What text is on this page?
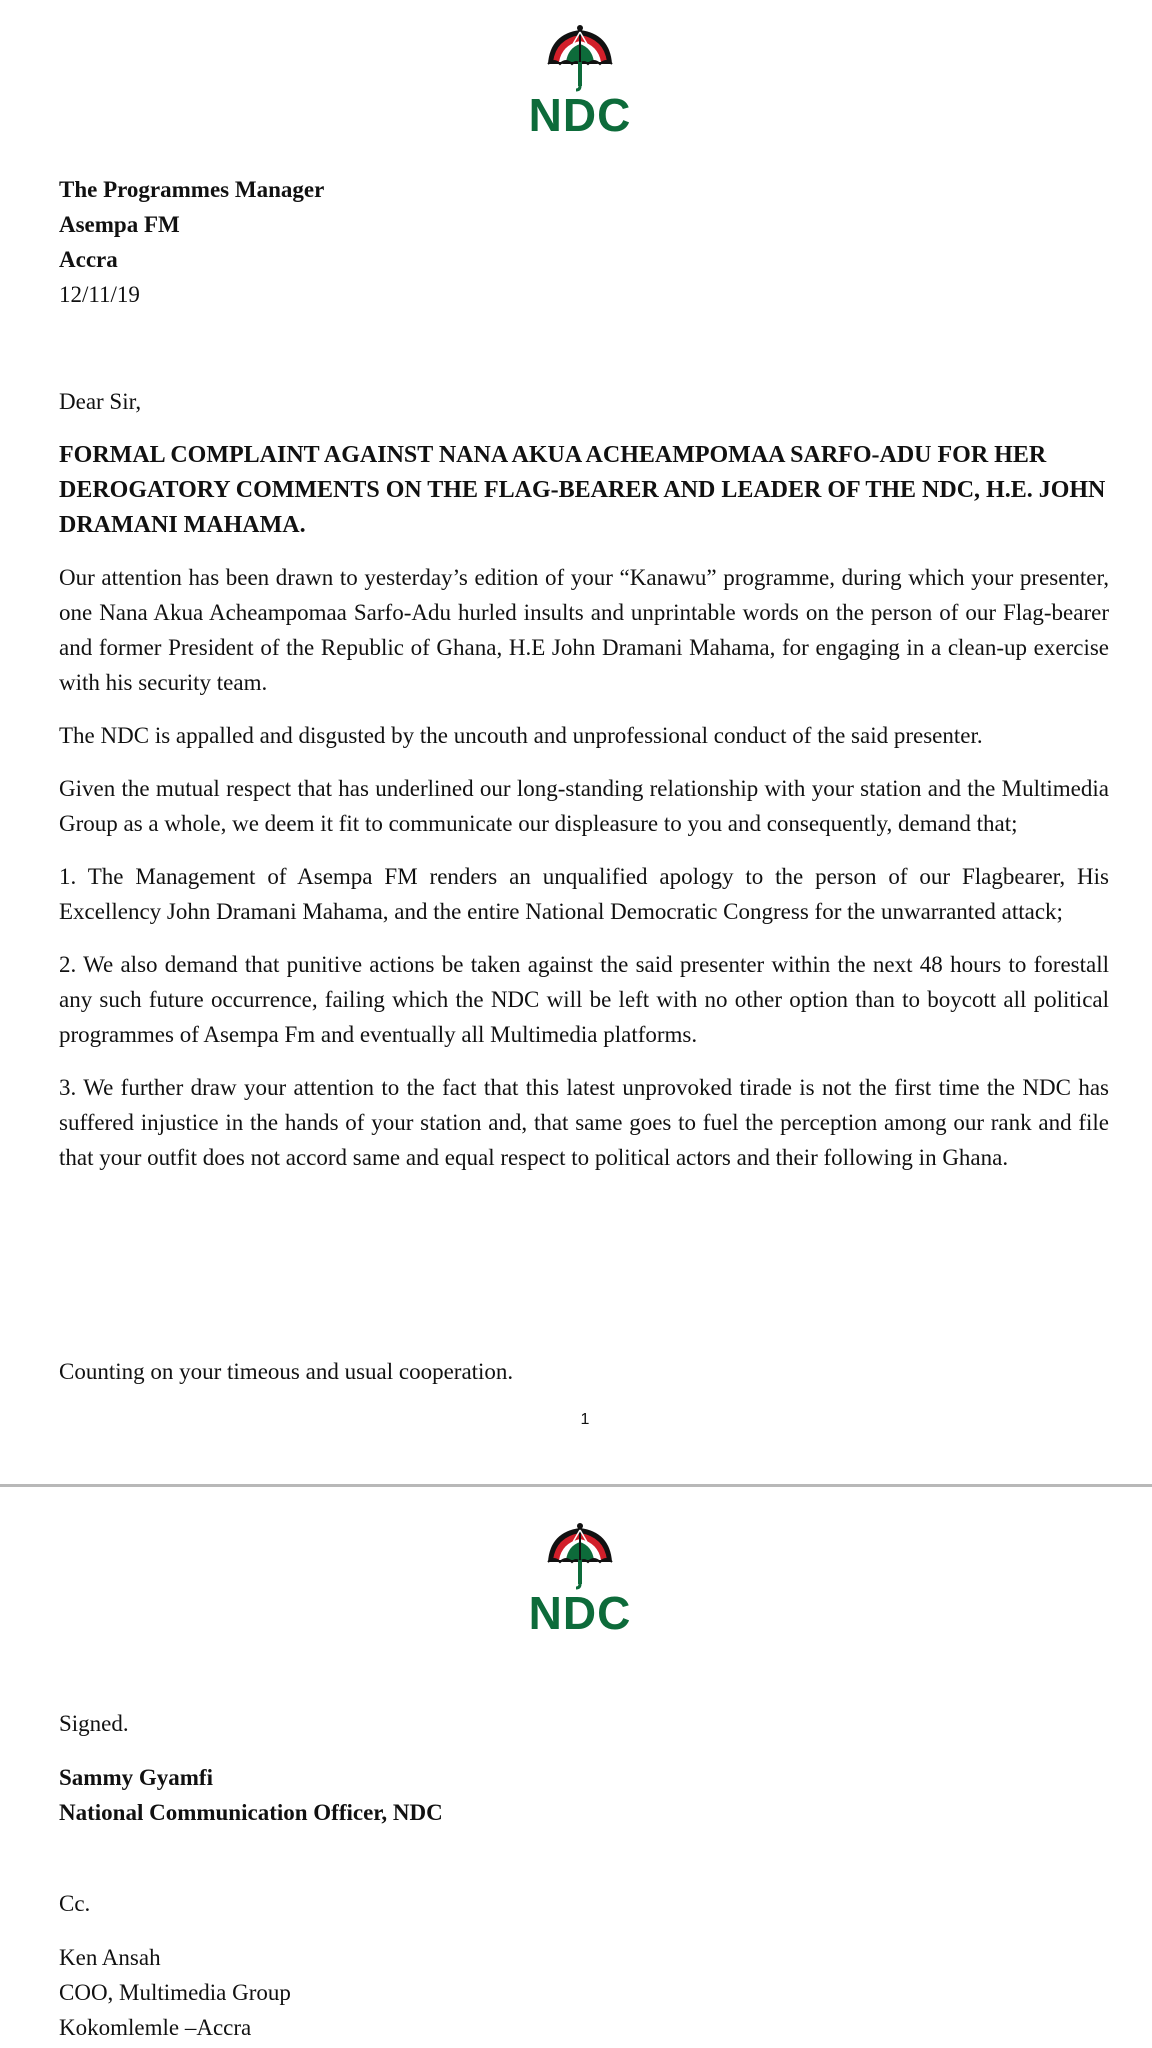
NDC
The Programmes Manager
Asempa FM
Accra
12/11/19
Dear Sir,
FORMAL COMPLAINT AGAINST NANA AKUA ACHEAMPOMAA SARFO-ADU FOR HER DEROGATORY COMMENTS ON THE FLAG-BEARER AND LEADER OF THE NDC, H.E. JOHN DRAMANI MAHAMA.

Our attention has been drawn to yesterday’s edition of your “Kanawu” programme, during which your presenter, one Nana Akua Acheampomaa Sarfo-Adu hurled insults and unprintable words on the person of our Flag-bearer and former President of the Republic of Ghana, H.E John Dramani Mahama, for engaging in a clean-up exercise with his security team.

The NDC is appalled and disgusted by the uncouth and unprofessional conduct of the said presenter.

Given the mutual respect that has underlined our long-standing relationship with your station and the Multimedia Group as a whole, we deem it fit to communicate our displeasure to you and consequently, demand that;

1. The Management of Asempa FM renders an unqualified apology to the person of our Flagbearer, His Excellency John Dramani Mahama, and the entire National Democratic Congress for the unwarranted attack;

2. We also demand that punitive actions be taken against the said presenter within the next 48 hours to forestall any such future occurrence, failing which the NDC will be left with no other option than to boycott all political programmes of Asempa Fm and eventually all Multimedia platforms.

3. We further draw your attention to the fact that this latest unprovoked tirade is not the first time the NDC has suffered injustice in the hands of your station and, that same goes to fuel the perception among our rank and file that your outfit does not accord same and equal respect to political actors and their following in Ghana.

Counting on your timeous and usual cooperation.
1
NDC
Signed.
Sammy Gyamfi
National Communication Officer, NDC
Cc.
Ken Ansah
COO, Multimedia Group
Kokomlemle –Accra
